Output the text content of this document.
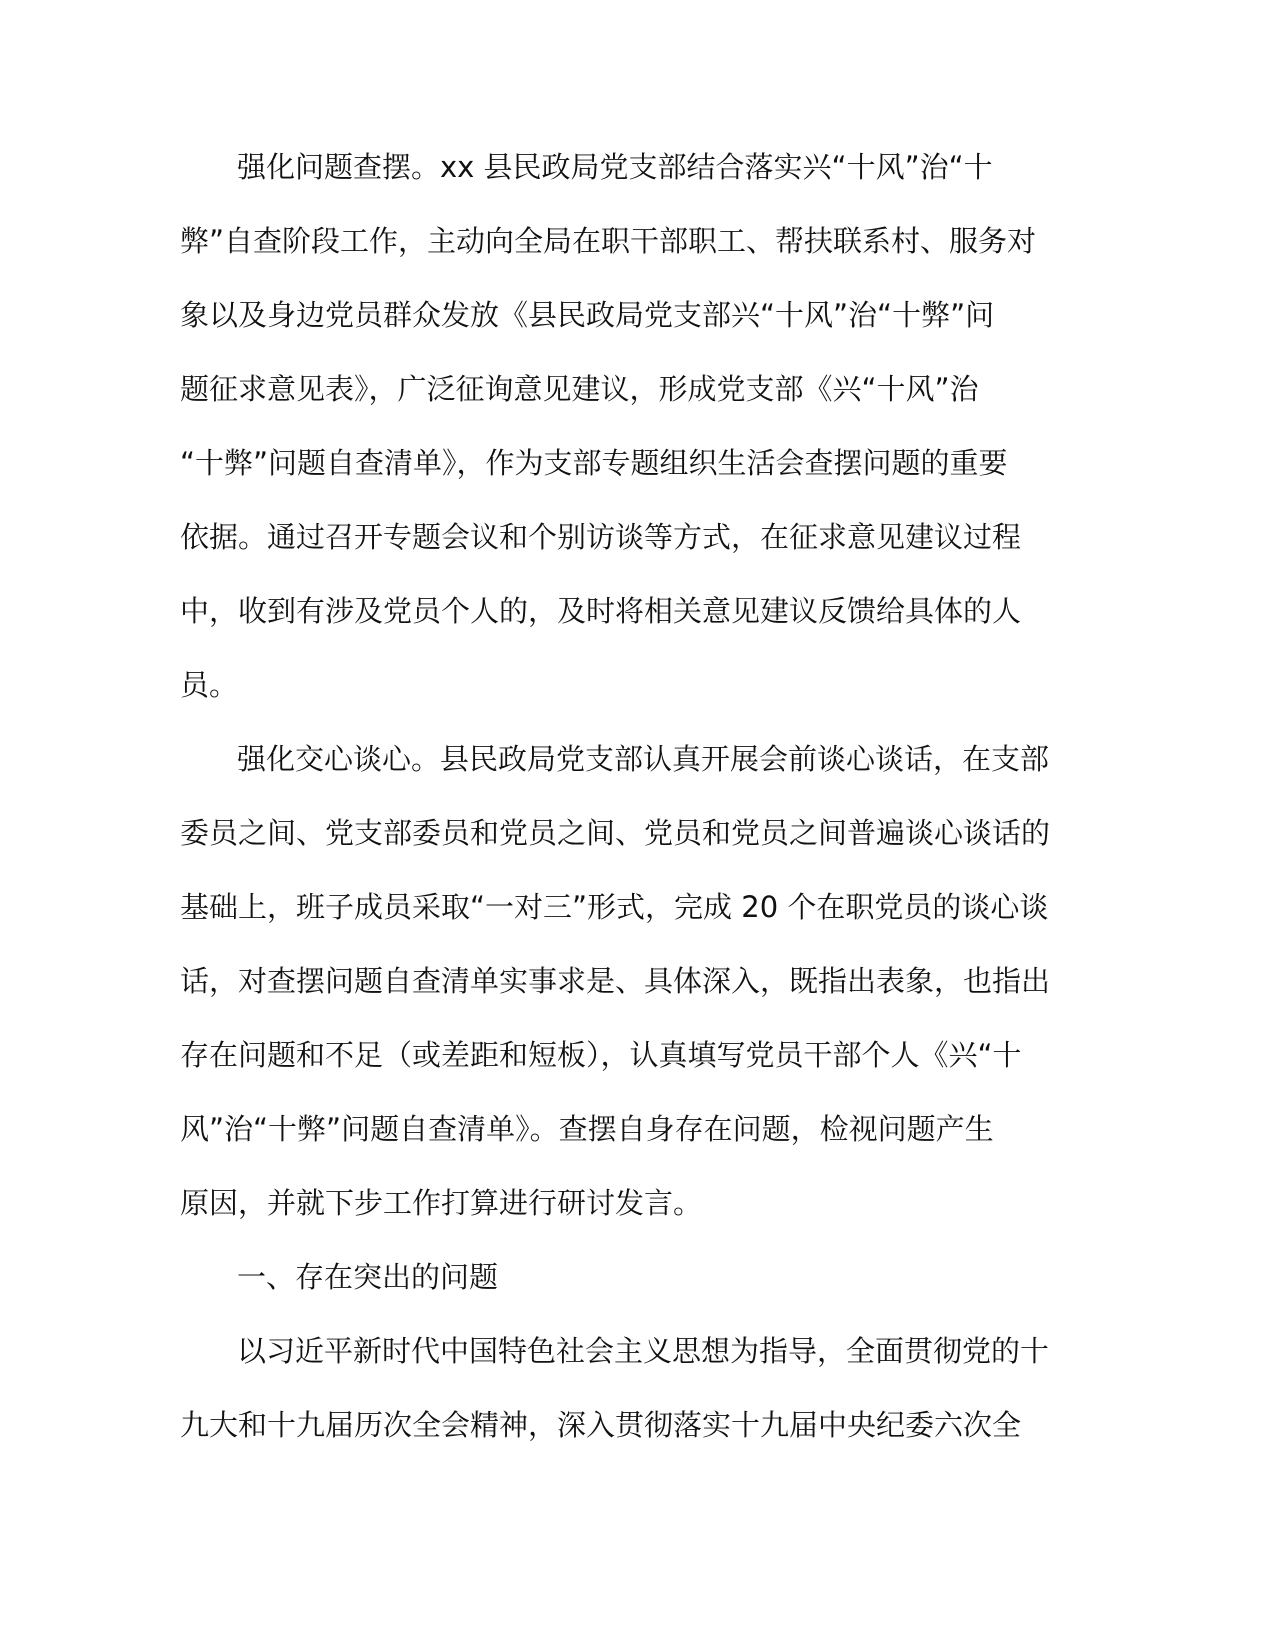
强化问题查摆。xx 县民政局党支部结合落实兴“十风”治“十
弊”自查阶段工作，主动向全局在职干部职工、帮扶联系村、服务对
象以及身边党员群众发放《县民政局党支部兴“十风”治“十弊”问
题征求意见表》，广泛征询意见建议，形成党支部《兴“十风”治
“十弊”问题自查清单》，作为支部专题组织生活会查摆问题的重要
依据。通过召开专题会议和个别访谈等方式，在征求意见建议过程
中，收到有涉及党员个人的，及时将相关意见建议反馈给具体的人
员。
强化交心谈心。县民政局党支部认真开展会前谈心谈话，在支部
委员之间、党支部委员和党员之间、党员和党员之间普遍谈心谈话的
基础上，班子成员采取“一对三”形式，完成 20 个在职党员的谈心谈
话，对查摆问题自查清单实事求是、具体深入，既指出表象，也指出
存在问题和不足（或差距和短板），认真填写党员干部个人《兴“十
风”治“十弊”问题自查清单》。查摆自身存在问题，检视问题产生
原因，并就下步工作打算进行研讨发言。
一、存在突出的问题
以习近平新时代中国特色社会主义思想为指导，全面贯彻党的十
九大和十九届历次全会精神，深入贯彻落实十九届中央纪委六次全
